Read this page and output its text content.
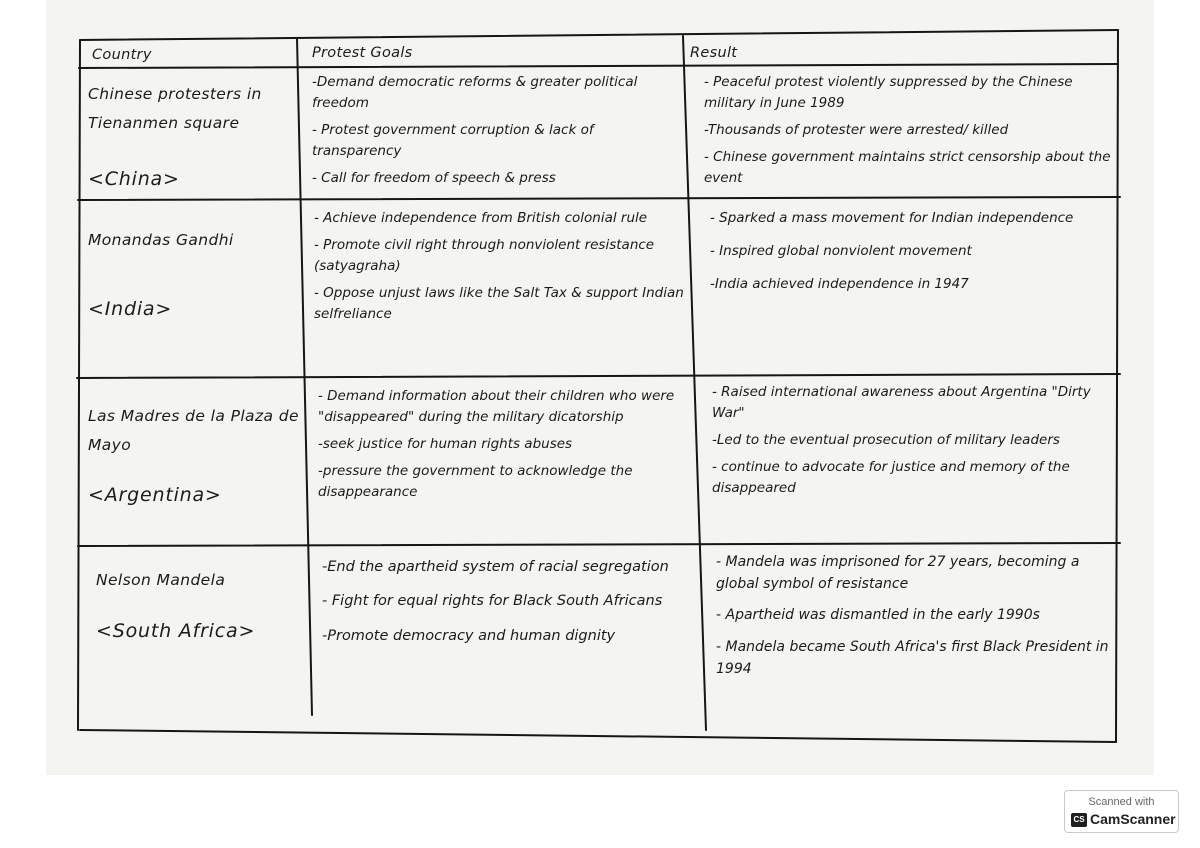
Country	Protest Goals	Result
Chinese protesters in Tienanmen square
<China>
-Demand democratic reforms & greater political freedom
- Protest government corruption & lack of transparency
- Call for freedom of speech & press
- Peaceful protest violently suppressed by the Chinese military in June 1989
-Thousands of protester were arrested/ killed
- Chinese government maintains strict censorship about the event
Monandas Gandhi
<India>
- Achieve independence from British colonial rule
- Promote civil right through nonviolent resistance (satyagraha)
- Oppose unjust laws like the Salt Tax & support Indian selfreliance
- Sparked a mass movement for Indian independence
- Inspired global nonviolent movement
-India achieved independence in 1947
Las Madres de la Plaza de Mayo
<Argentina>
- Demand information about their children who were "disappeared" during the military dicatorship
-seek justice for human rights abuses
-pressure the government to acknowledge the disappearance
- Raised international awareness about Argentina "Dirty War"
-Led to the eventual prosecution of military leaders
- continue to advocate for justice and memory of the disappeared
Nelson Mandela
<South Africa>
-End the apartheid system of racial segregation
- Fight for equal rights for Black South Africans
-Promote democracy and human dignity
- Mandela was imprisoned for 27 years, becoming a global symbol of resistance
- Apartheid was dismantled in the early 1990s
- Mandela became South Africa's first Black President in 1994
Scanned with
CS CamScanner
